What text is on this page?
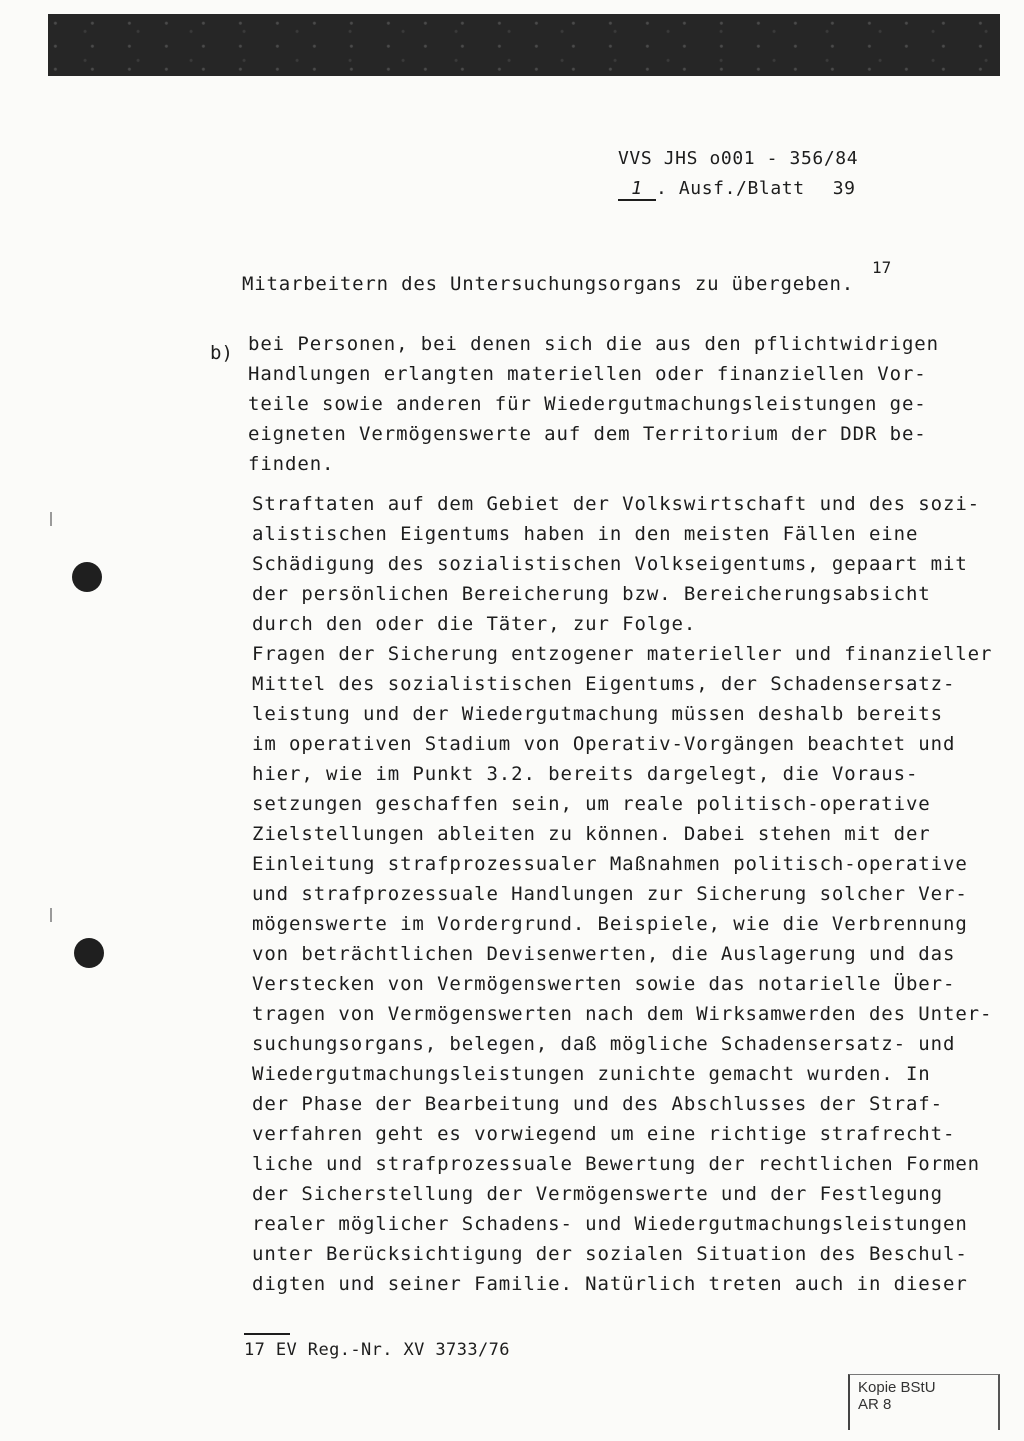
VVS JHS o001 - 356/84
1 . Ausf./Blatt 39
Mitarbeitern des Untersuchungsorgans zu übergeben.
17
b) bei Personen, bei denen sich die aus den pflichtwidrigen
Handlungen erlangten materiellen oder finanziellen Vor-
teile sowie anderen für Wiedergutmachungsleistungen ge-
eigneten Vermögenswerte auf dem Territorium der DDR be-
finden.
Straftaten auf dem Gebiet der Volkswirtschaft und des sozi-
alistischen Eigentums haben in den meisten Fällen eine
Schädigung des sozialistischen Volkseigentums, gepaart mit
der persönlichen Bereicherung bzw. Bereicherungsabsicht
durch den oder die Täter, zur Folge.
Fragen der Sicherung entzogener materieller und finanzieller
Mittel des sozialistischen Eigentums, der Schadensersatz-
leistung und der Wiedergutmachung müssen deshalb bereits
im operativen Stadium von Operativ-Vorgängen beachtet und
hier, wie im Punkt 3.2. bereits dargelegt, die Voraus-
setzungen geschaffen sein, um reale politisch-operative
Zielstellungen ableiten zu können. Dabei stehen mit der
Einleitung strafprozessualer Maßnahmen politisch-operative
und strafprozessuale Handlungen zur Sicherung solcher Ver-
mögenswerte im Vordergrund. Beispiele, wie die Verbrennung
von beträchtlichen Devisenwerten, die Auslagerung und das
Verstecken von Vermögenswerten sowie das notarielle Über-
tragen von Vermögenswerten nach dem Wirksamwerden des Unter-
suchungsorgans, belegen, daß mögliche Schadensersatz- und
Wiedergutmachungsleistungen zunichte gemacht wurden. In
der Phase der Bearbeitung und des Abschlusses der Straf-
verfahren geht es vorwiegend um eine richtige strafrecht-
liche und strafprozessuale Bewertung der rechtlichen Formen
der Sicherstellung der Vermögenswerte und der Festlegung
realer möglicher Schadens- und Wiedergutmachungsleistungen
unter Berücksichtigung der sozialen Situation des Beschul-
digten und seiner Familie. Natürlich treten auch in dieser
17 EV Reg.-Nr. XV 3733/76
Kopie BStU
AR 8
